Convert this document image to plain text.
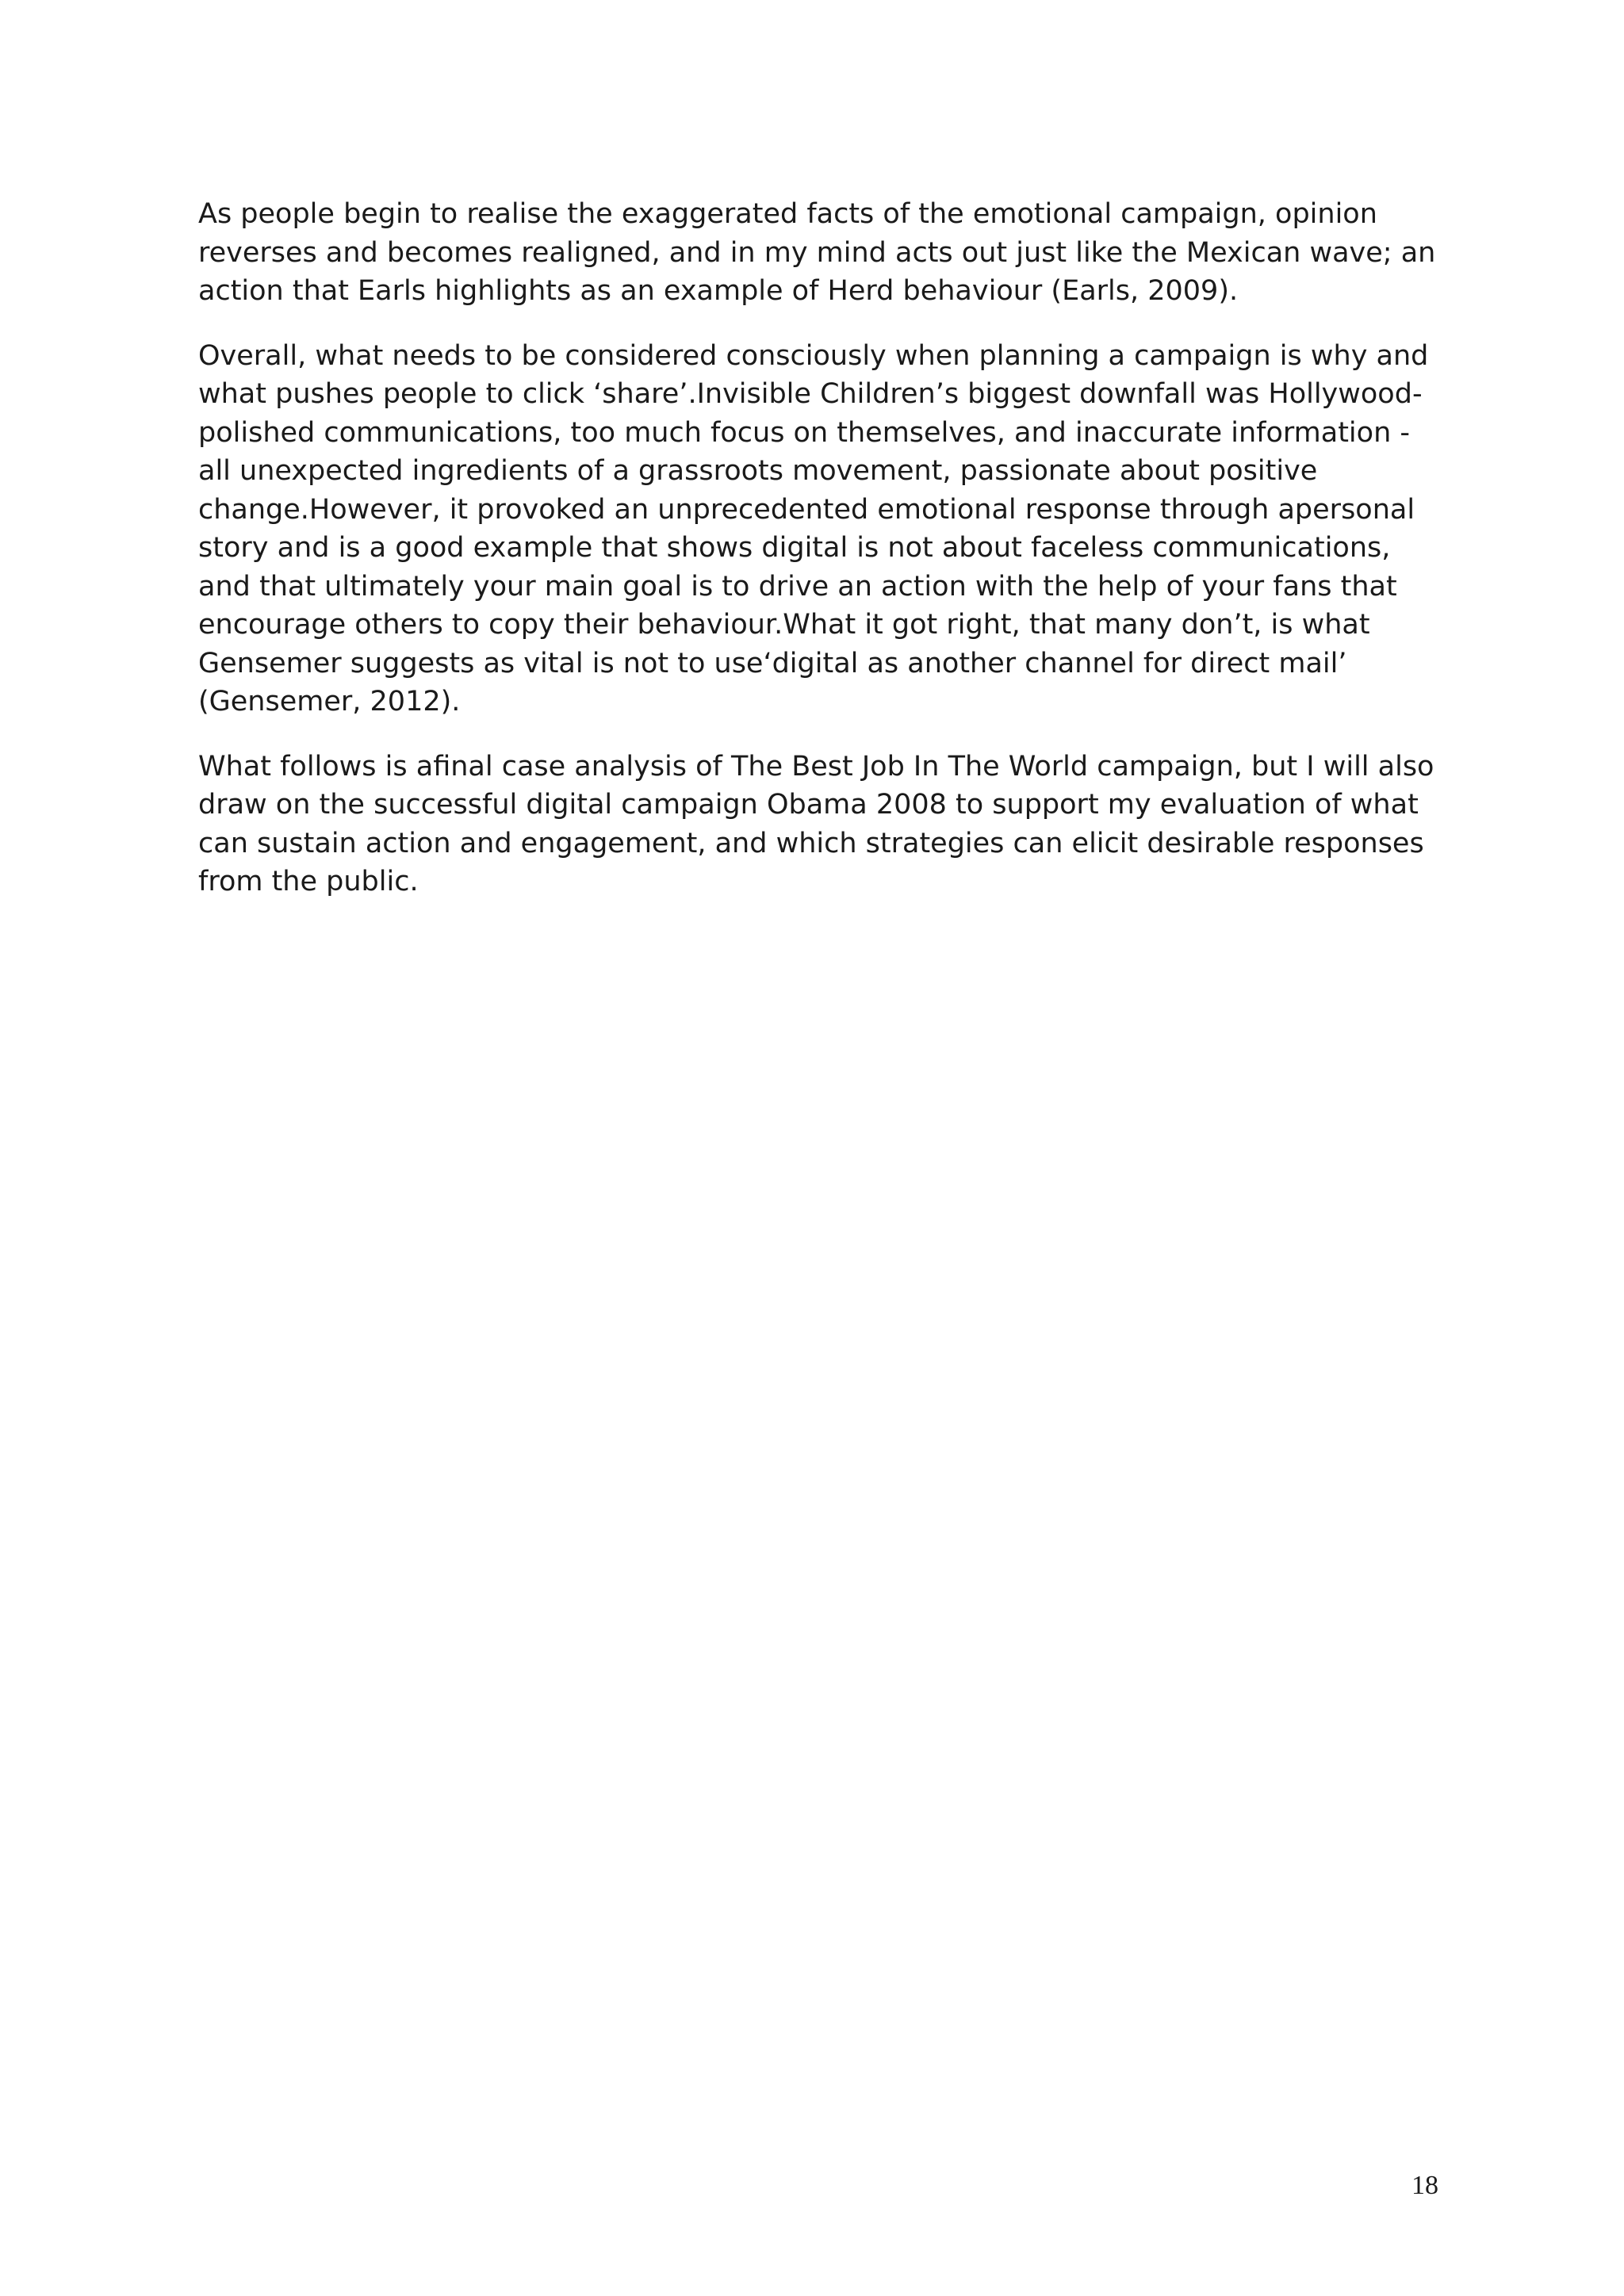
As people begin to realise the exaggerated facts of the emotional campaign, opinion reverses and becomes realigned, and in my mind acts out just like the Mexican wave; an action that Earls highlights as an example of Herd behaviour (Earls, 2009).

Overall, what needs to be considered consciously when planning a campaign is why and what pushes people to click ‘share’.Invisible Children’s biggest downfall was Hollywood-polished communications, too much focus on themselves, and inaccurate information - all unexpected ingredients of a grassroots movement, passionate about positive change.However, it provoked an unprecedented emotional response through apersonal story and is a good example that shows digital is not about faceless communications, and that ultimately your main goal is to drive an action with the help of your fans that encourage others to copy their behaviour.What it got right, that many don’t, is what Gensemer suggests as vital is not to use‘digital as another channel for direct mail’ (Gensemer, 2012).

What follows is afinal case analysis of The Best Job In The World campaign, but I will also draw on the successful digital campaign Obama 2008 to support my evaluation of what can sustain action and engagement, and which strategies can elicit desirable responses from the public.

18
